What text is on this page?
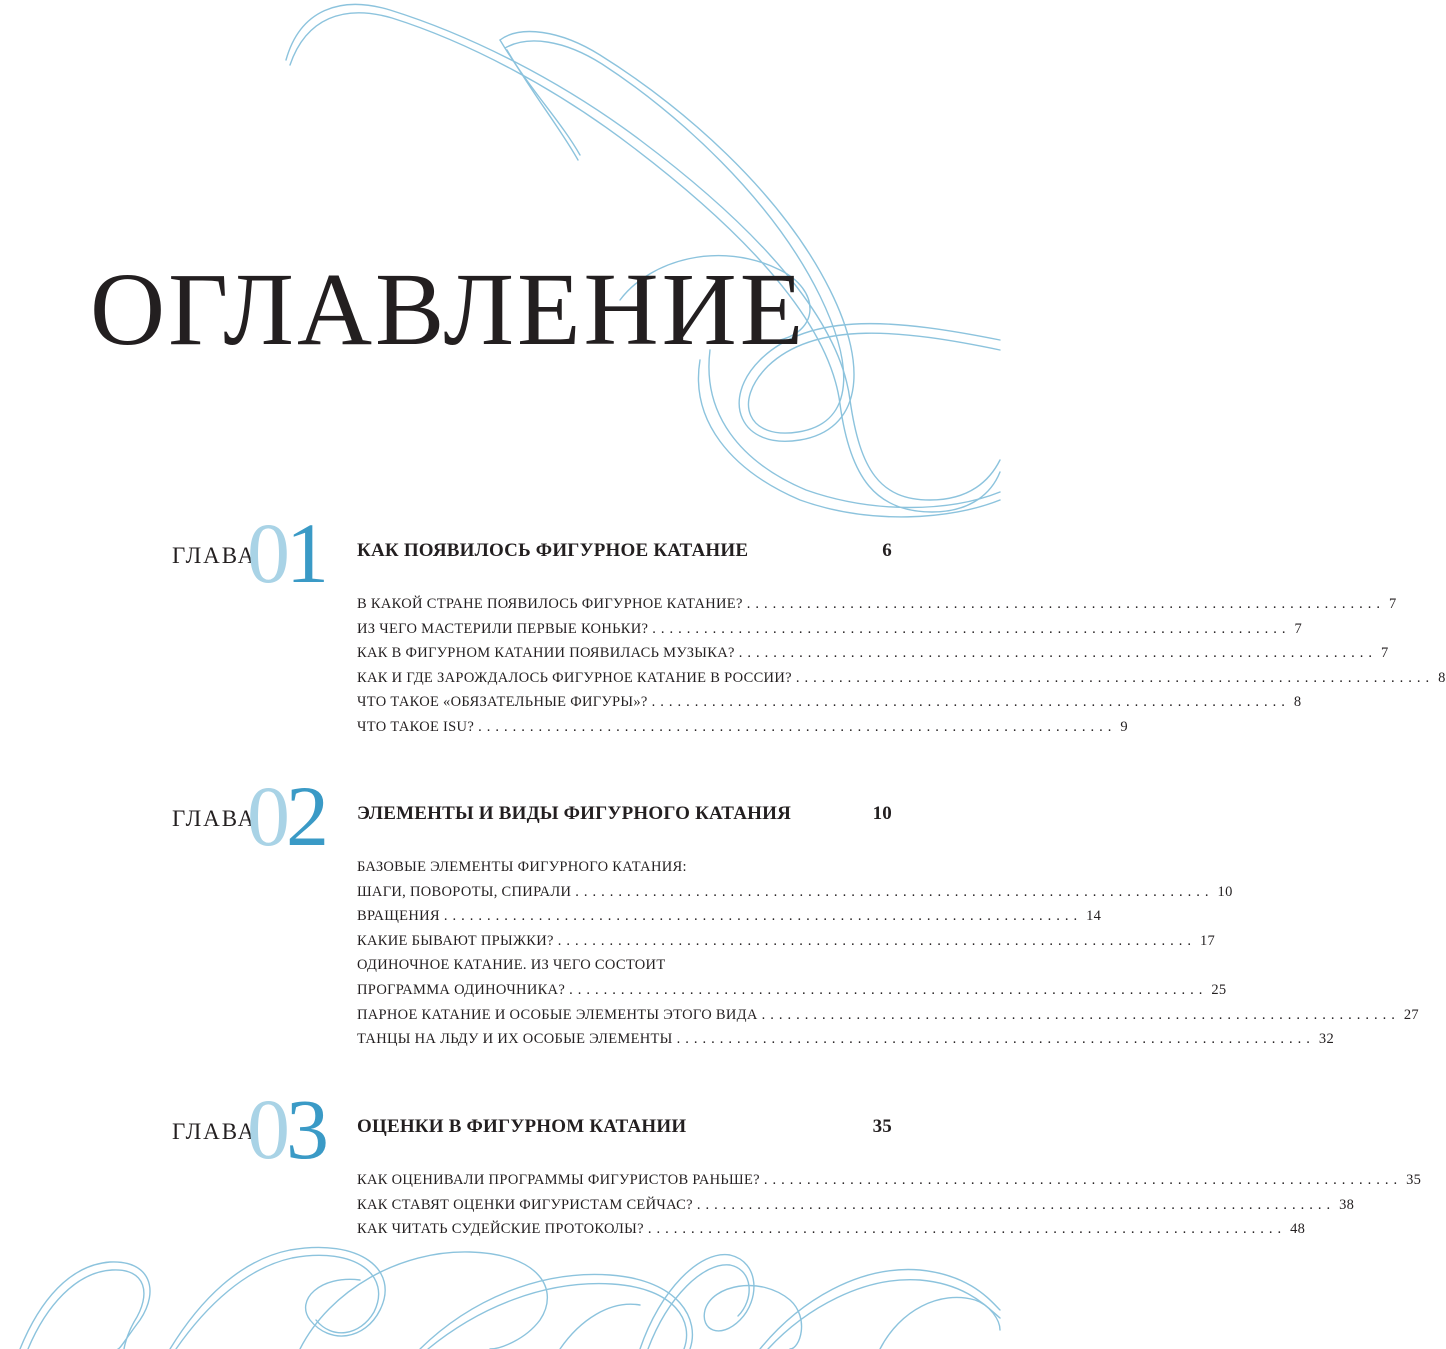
ОГЛАВЛЕНИЕ
ГЛАВА
01 КАК ПОЯВИЛОСЬ ФИГУРНОЕ КАТАНИЕ	6
В КАКОЙ СТРАНЕ ПОЯВИЛОСЬ ФИГУРНОЕ КАТАНИЕ? .......................................................................... 7
ИЗ ЧЕГО МАСТЕРИЛИ ПЕРВЫЕ КОНЬКИ? .......................................................................... 7
КАК В ФИГУРНОМ КАТАНИИ ПОЯВИЛАСЬ МУЗЫКА? .......................................................................... 7
КАК И ГДЕ ЗАРОЖДАЛОСЬ ФИГУРНОЕ КАТАНИЕ В РОССИИ? .......................................................................... 8
ЧТО ТАКОЕ «ОБЯЗАТЕЛЬНЫЕ ФИГУРЫ»? .......................................................................... 8
ЧТО ТАКОЕ ISU? .......................................................................... 9
ГЛАВА
02 ЭЛЕМЕНТЫ И ВИДЫ ФИГУРНОГО КАТАНИЯ	10
БАЗОВЫЕ ЭЛЕМЕНТЫ ФИГУРНОГО КАТАНИЯ:
ШАГИ, ПОВОРОТЫ, СПИРАЛИ .......................................................................... 10
ВРАЩЕНИЯ .......................................................................... 14
КАКИЕ БЫВАЮТ ПРЫЖКИ? .......................................................................... 17
ОДИНОЧНОЕ КАТАНИЕ. ИЗ ЧЕГО СОСТОИТ
ПРОГРАММА ОДИНОЧНИКА? .......................................................................... 25
ПАРНОЕ КАТАНИЕ И ОСОБЫЕ ЭЛЕМЕНТЫ ЭТОГО ВИДА .......................................................................... 27
ТАНЦЫ НА ЛЬДУ И ИХ ОСОБЫЕ ЭЛЕМЕНТЫ .......................................................................... 32
ГЛАВА
03 ОЦЕНКИ В ФИГУРНОМ КАТАНИИ	35
КАК ОЦЕНИВАЛИ ПРОГРАММЫ ФИГУРИСТОВ РАНЬШЕ? .......................................................................... 35
КАК СТАВЯТ ОЦЕНКИ ФИГУРИСТАМ СЕЙЧАС? .......................................................................... 38
КАК ЧИТАТЬ СУДЕЙСКИЕ ПРОТОКОЛЫ? .......................................................................... 48
